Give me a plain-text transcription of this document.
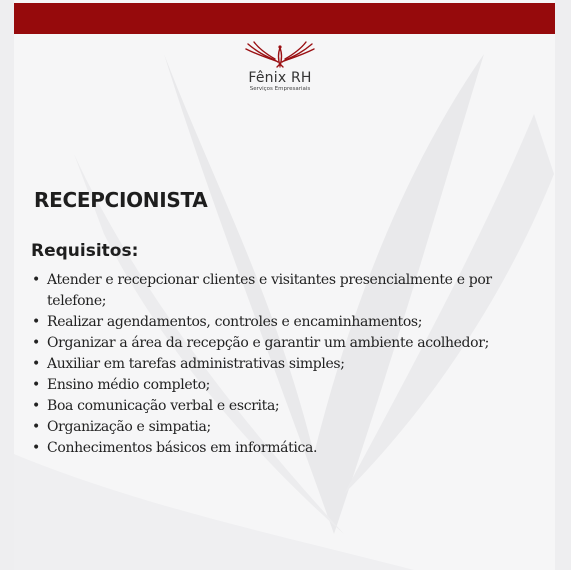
Fênix RH
Serviços Empresariais
RECEPCIONISTA
Requisitos:
• Atender e recepcionar clientes e visitantes presencialmente e por telefone;
• Realizar agendamentos, controles e encaminhamentos;
• Organizar a área da recepção e garantir um ambiente acolhedor;
• Auxiliar em tarefas administrativas simples;
• Ensino médio completo;
• Boa comunicação verbal e escrita;
• Organização e simpatia;
• Conhecimentos básicos em informática.
